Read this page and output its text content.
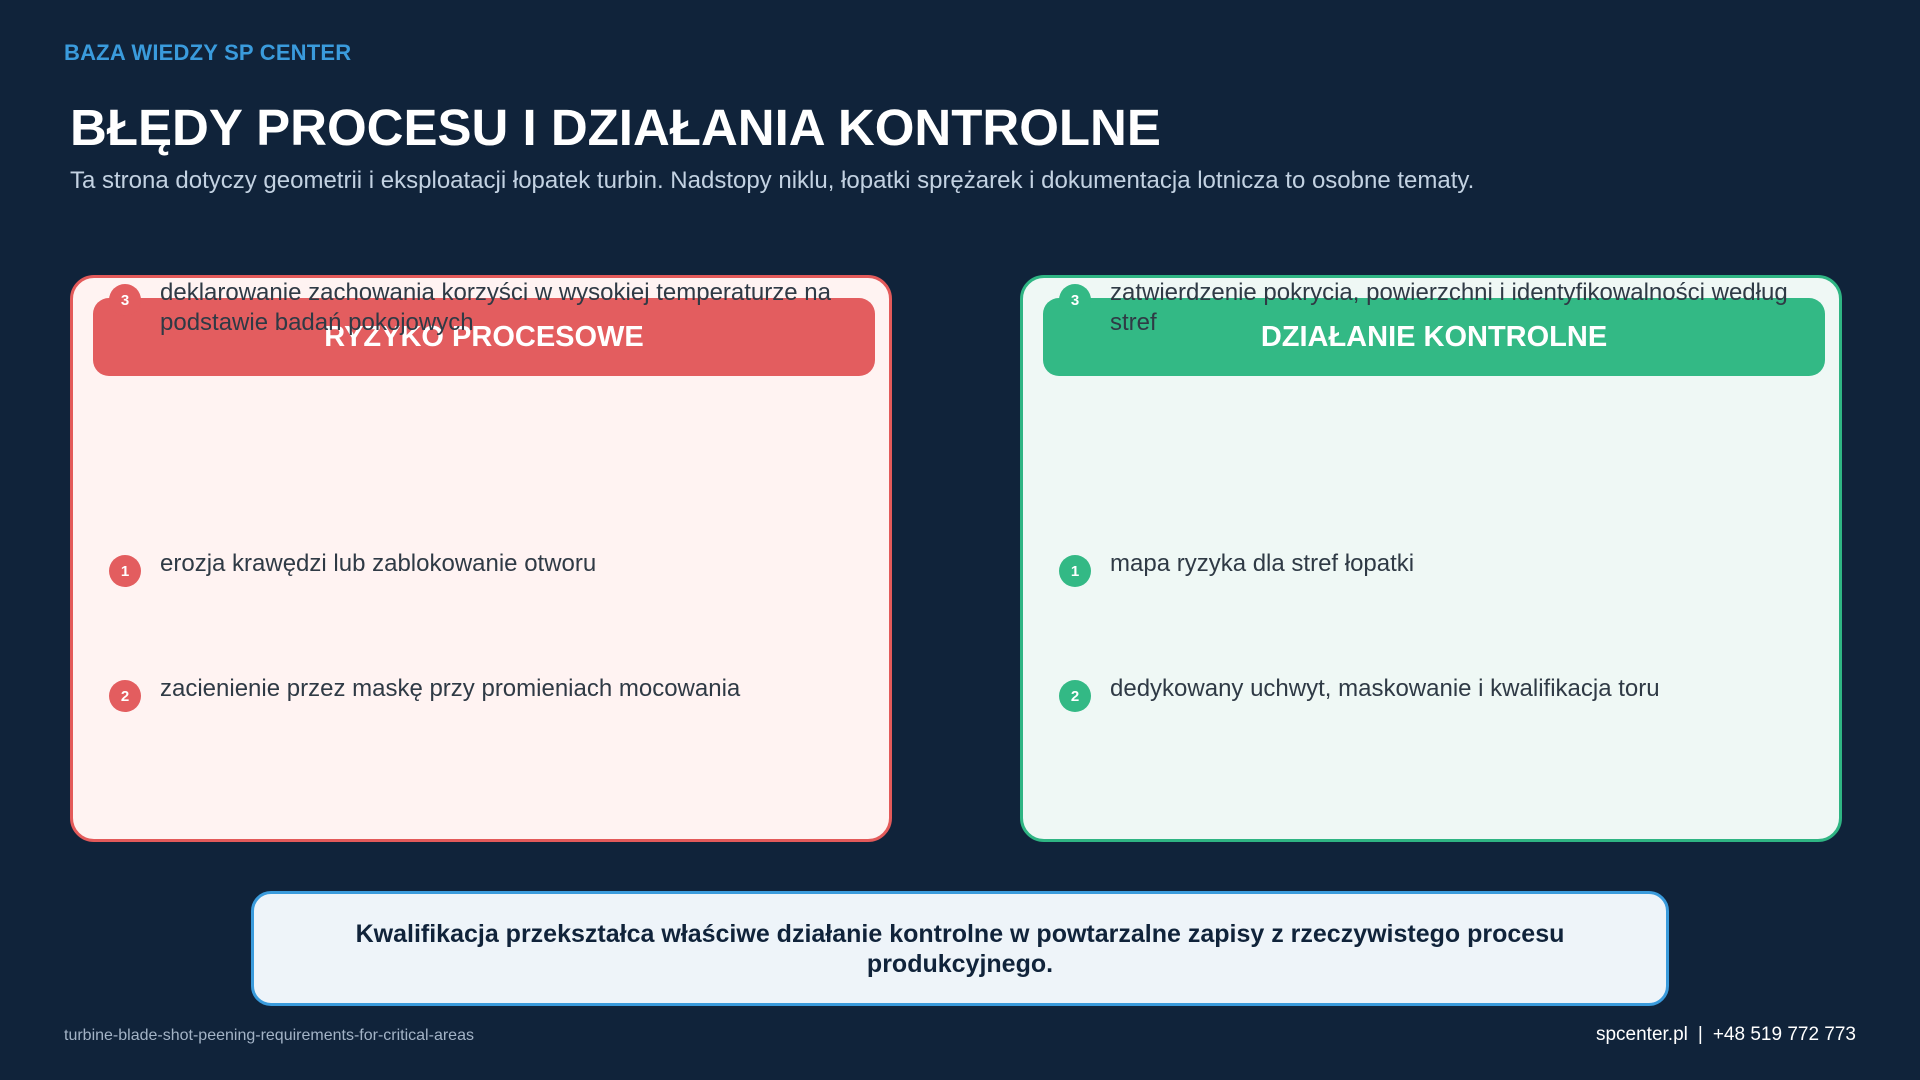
BAZA WIEDZY SP CENTER
BŁĘDY PROCESU I DZIAŁANIA KONTROLNE
Ta strona dotyczy geometrii i eksploatacji łopatek turbin. Nadstopy niklu, łopatki sprężarek i dokumentacja lotnicza to osobne tematy.
RYZYKO PROCESOWE
1	erozja krawędzi lub zablokowanie otworu
2	zacienienie przez maskę przy promieniach mocowania
3	deklarowanie zachowania korzyści w wysokiej temperaturze na podstawie badań pokojowych	DZIAŁANIE KONTROLNE
1	mapa ryzyka dla stref łopatki
2	dedykowany uchwyt, maskowanie i kwalifikacja toru
3	zatwierdzenie pokrycia, powierzchni i identyfikowalności według stref
Kwalifikacja przekształca właściwe działanie kontrolne w powtarzalne zapisy z rzeczywistego procesu produkcyjnego.
turbine-blade-shot-peening-requirements-for-critical-areas	spcenter.pl | +48 519 772 773
